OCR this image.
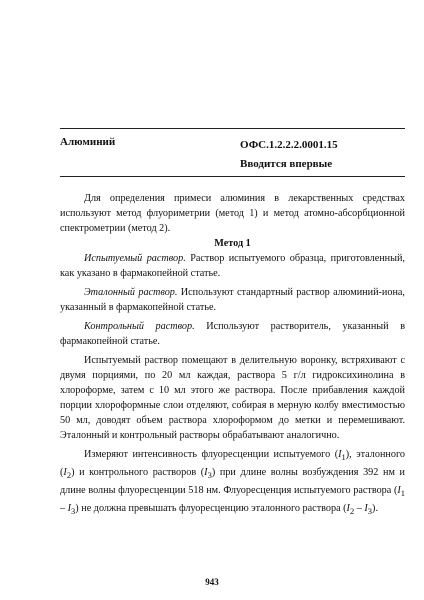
Алюминий	ОФС.1.2.2.2.0001.15
Вводится впервые

Для определения примеси алюминия в лекарственных средствах используют метод флуориметрии (метод 1) и метод атомно-абсорбционной спектрометрии (метод 2).

Метод 1

Испытуемый раствор. Раствор испытуемого образца, приготовленный, как указано в фармакопейной статье.

Эталонный раствор. Используют стандартный раствор алюминий-иона, указанный в фармакопейной статье.

Контрольный раствор. Используют растворитель, указанный в фармакопейной статье.

Испытуемый раствор помещают в делительную воронку, встряхивают с двумя порциями, по 20 мл каждая, раствора 5 г/л гидроксихинолина в хлороформе, затем с 10 мл этого же раствора. После прибавления каждой порции хлороформные слои отделяют, собирая в мерную колбу вместимостью 50 мл, доводят объем раствора хлороформом до метки и перемешивают. Эталонный и контрольный растворы обрабатывают аналогично.

Измеряют интенсивность флуоресценции испытуемого $(I_1)$, эталонного $(I_2)$ и контрольного растворов $(I_3)$ при длине волны возбуждения 392 нм и длине волны флуоресценции 518 нм. Флуоресценция испытуемого раствора $(I_1 - I_3)$ не должна превышать флуоресценцию эталонного раствора $(I_2 - I_3)$.

943
